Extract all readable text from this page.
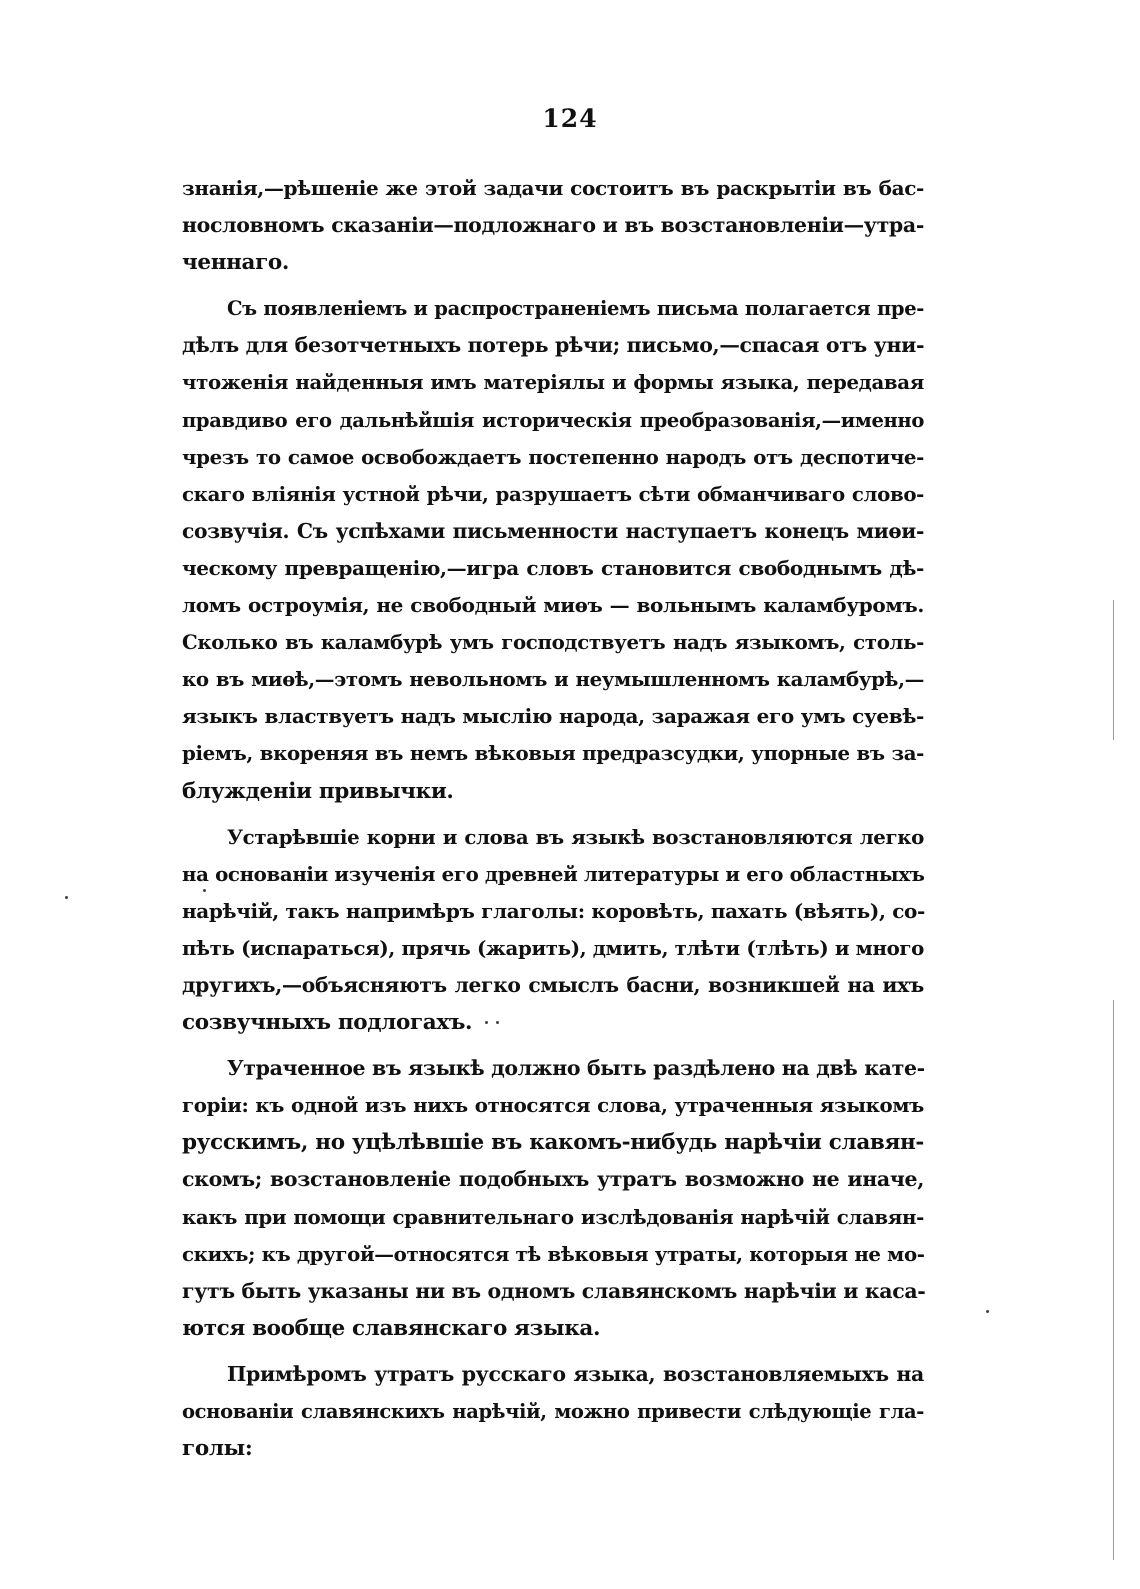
124
знанія,—рѣшеніе же этой задачи состоитъ въ раскрытіи въ бас-
нословномъ сказаніи—подложнаго и въ возстановленіи—утра-
ченнаго.
Съ появленіемъ и распространеніемъ письма полагается пре-
дѣлъ для безотчетныхъ потерь рѣчи; письмо,—спасая отъ уни-
чтоженія найденныя имъ матеріялы и формы языка, передавая
правдиво его дальнѣйшія историческія преобразованія,—именно
чрезъ то самое освобождаетъ постепенно народъ отъ деспотиче-
скаго вліянія устной рѣчи, разрушаетъ сѣти обманчиваго слово-
созвучія. Съ успѣхами письменности наступаетъ конецъ миѳи-
ческому превращенію,—игра словъ становится свободнымъ дѣ-
ломъ остроумія, не свободный миѳъ — вольнымъ каламбуромъ.
Сколько въ каламбурѣ умъ господствуетъ надъ языкомъ, столь-
ко въ миѳѣ,—этомъ невольномъ и неумышленномъ каламбурѣ,—
языкъ властвуетъ надъ мыслію народа, заражая его умъ суевѣ-
ріемъ, вкореняя въ немъ вѣковыя предразсудки, упорные въ за-
блужденіи привычки.
Устарѣвшіе корни и слова въ языкѣ возстановляются легко
на основаніи изученія его древней литературы и его областныхъ
нарѣчій, такъ напримѣръ глаголы: коровѣть, пахать (вѣять), со-
пѣть (испараться), прячь (жарить), дмить, тлѣти (тлѣть) и много
другихъ,—объясняютъ легко смыслъ басни, возникшей на ихъ
созвучныхъ подлогахъ.
Утраченное въ языкѣ должно быть раздѣлено на двѣ кате-
горіи: къ одной изъ нихъ относятся слова, утраченныя языкомъ
русскимъ, но уцѣлѣвшіе въ какомъ-нибудь нарѣчіи славян-
скомъ; возстановленіе подобныхъ утратъ возможно не иначе,
какъ при помощи сравнительнаго изслѣдованія нарѣчій славян-
скихъ; къ другой—относятся тѣ вѣковыя утраты, которыя не мо-
гутъ быть указаны ни въ одномъ славянскомъ нарѣчіи и каса-
ются вообще славянскаго языка.
Примѣромъ утратъ русскаго языка, возстановляемыхъ на
основаніи славянскихъ нарѣчій, можно привести слѣдующіе гла-
голы:
